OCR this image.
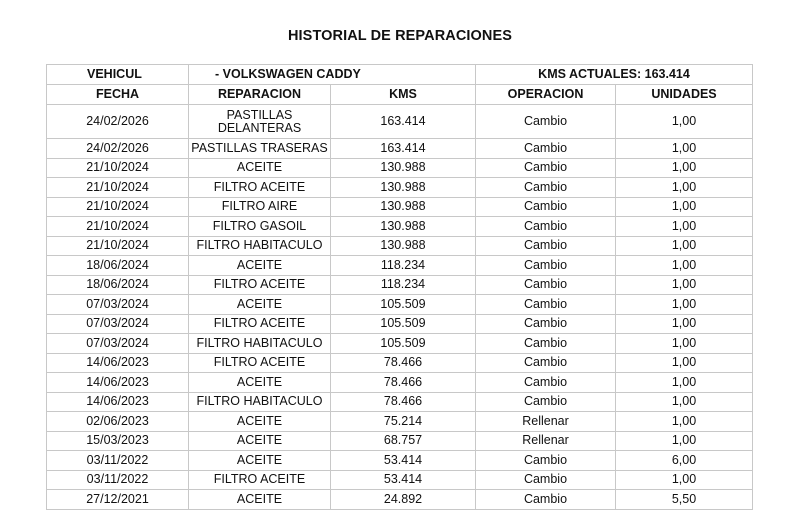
HISTORIAL DE REPARACIONES
VEHICUL	- VOLKSWAGEN CADDY		KMS ACTUALES: 163.414	
FECHA	REPARACION	KMS	OPERACION	UNIDADES
24/02/2026	PASTILLAS DELANTERAS	163.414	Cambio	1,00
24/02/2026	PASTILLAS TRASERAS	163.414	Cambio	1,00
21/10/2024	ACEITE	130.988	Cambio	1,00
21/10/2024	FILTRO ACEITE	130.988	Cambio	1,00
21/10/2024	FILTRO AIRE	130.988	Cambio	1,00
21/10/2024	FILTRO GASOIL	130.988	Cambio	1,00
21/10/2024	FILTRO HABITACULO	130.988	Cambio	1,00
18/06/2024	ACEITE	118.234	Cambio	1,00
18/06/2024	FILTRO ACEITE	118.234	Cambio	1,00
07/03/2024	ACEITE	105.509	Cambio	1,00
07/03/2024	FILTRO ACEITE	105.509	Cambio	1,00
07/03/2024	FILTRO HABITACULO	105.509	Cambio	1,00
14/06/2023	FILTRO ACEITE	78.466	Cambio	1,00
14/06/2023	ACEITE	78.466	Cambio	1,00
14/06/2023	FILTRO HABITACULO	78.466	Cambio	1,00
02/06/2023	ACEITE	75.214	Rellenar	1,00
15/03/2023	ACEITE	68.757	Rellenar	1,00
03/11/2022	ACEITE	53.414	Cambio	6,00
03/11/2022	FILTRO ACEITE	53.414	Cambio	1,00
27/12/2021	ACEITE	24.892	Cambio	5,50
